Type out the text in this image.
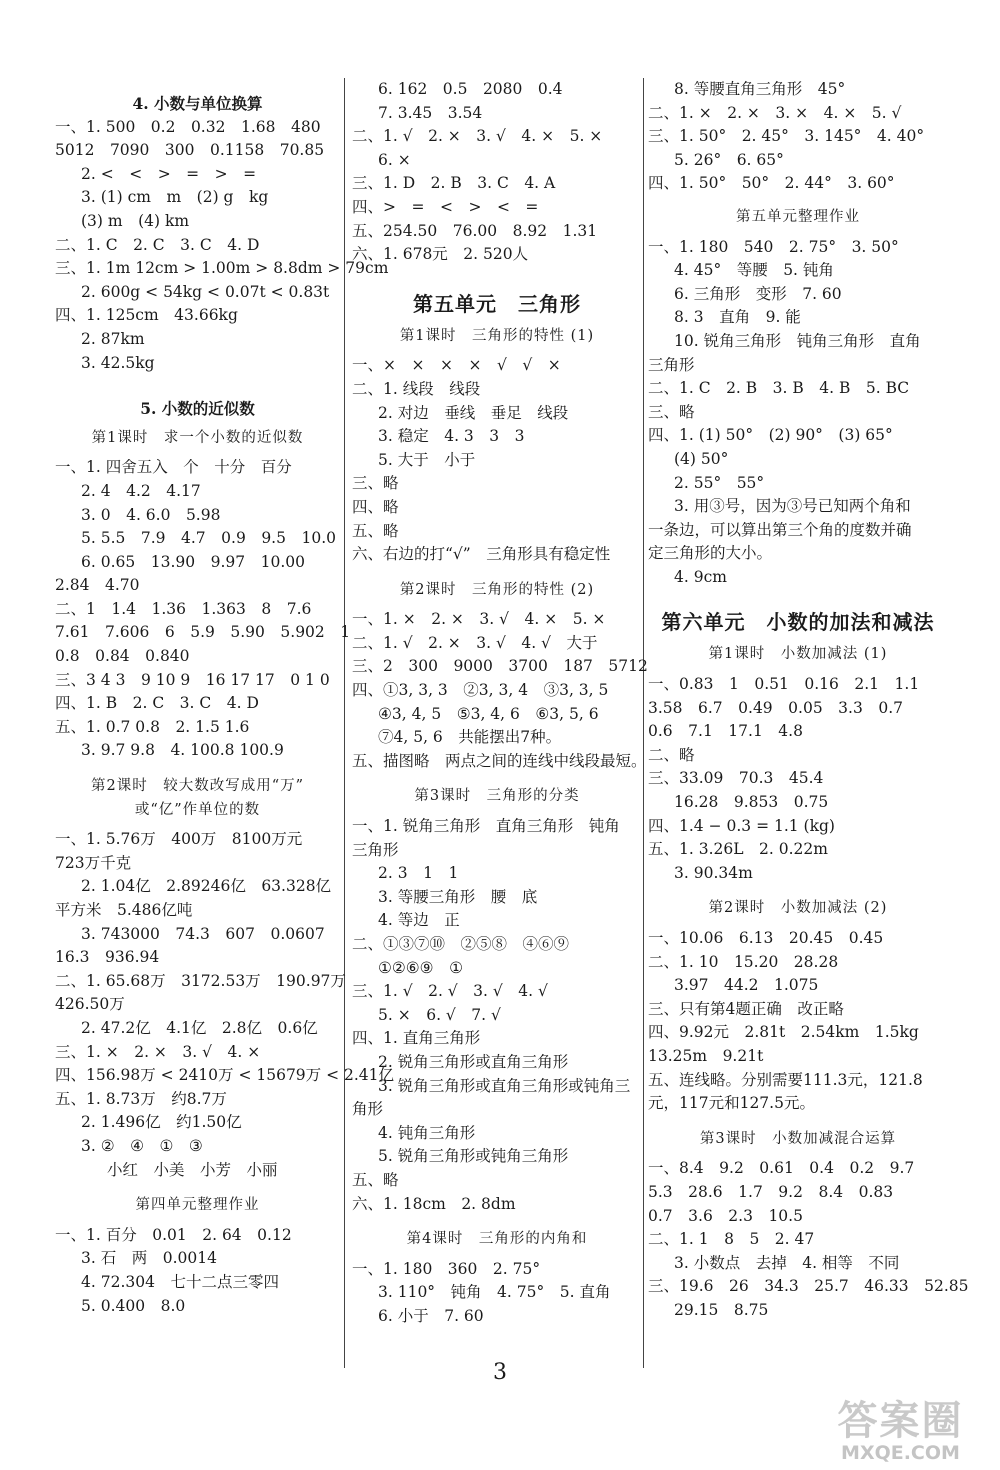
4. 小数与单位换算
一、1. 500　0.2　0.32　1.68　480
5012　7090　300　0.1158　70.85
2. <　<　>　=　>　=
3. (1) cm　m　(2) g　kg
(3) m　(4) km
二、1. C　2. C　3. C　4. D
三、1. 1m 12cm > 1.00m > 8.8dm > 79cm
2. 600g < 54kg < 0.07t < 0.83t
四、1. 125cm　43.66kg
2. 87km
3. 42.5kg
5. 小数的近似数
第1课时　求一个小数的近似数
一、1. 四舍五入　个　十分　百分
2. 4　4.2　4.17
3. 0　4. 6.0　5.98
5. 5.5　7.9　4.7　0.9　9.5　10.0
6. 0.65　13.90　9.97　10.00
2.84　4.70
二、1　1.4　1.36　1.363　8　7.6
7.61　7.606　6　5.9　5.90　5.902　1
0.8　0.84　0.840
三、3 4 3　9 10 9　16 17 17　0 1 0
四、1. B　2. C　3. C　4. D
五、1. 0.7 0.8　2. 1.5 1.6
3. 9.7 9.8　4. 100.8 100.9
第2课时　较大数改写成用“万”
或“亿”作单位的数
一、1. 5.76万　400万　8100万元
723万千克
2. 1.04亿　2.89246亿　63.328亿
平方米　5.486亿吨
3. 743000　74.3　607　0.0607
16.3　936.94
二、1. 65.68万　3172.53万　190.97万
426.50万
2. 47.2亿　4.1亿　2.8亿　0.6亿
三、1. ×　2. ×　3. √　4. ×
四、156.98万 < 2410万 < 15679万 < 2.41亿
五、1. 8.73万　约8.7万
2. 1.496亿　约1.50亿
3. ②　④　①　③
小红　小美　小芳　小丽
第四单元整理作业
一、1. 百分　0.01　2. 64　0.12
3. 石　两　0.0014
4. 72.304　七十二点三零四
5. 0.400　8.0
6. 162　0.5　2080　0.4
7. 3.45　3.54
二、1. √　2. ×　3. √　4. ×　5. ×
6. ×
三、1. D　2. B　3. C　4. A
四、>　=　<　>　<　=
五、254.50　76.00　8.92　1.31
六、1. 678元　2. 520人
第五单元　三角形
第1课时　三角形的特性 (1)
一、×　×　×　×　√　√　×
二、1. 线段　线段
2. 对边　垂线　垂足　线段
3. 稳定　4. 3　3　3
5. 大于　小于
三、略
四、略
五、略
六、右边的打“√”　三角形具有稳定性
第2课时　三角形的特性 (2)
一、1. ×　2. ×　3. √　4. ×　5. ×
二、1. √　2. ×　3. √　4. √　大于
三、2　300　9000　3700　187　5712
四、①3, 3, 3　②3, 3, 4　③3, 3, 5
④3, 4, 5　⑤3, 4, 6　⑥3, 5, 6
⑦4, 5, 6　共能摆出7种。
五、描图略　两点之间的连线中线段最短。
第3课时　三角形的分类
一、1. 锐角三角形　直角三角形　钝角
三角形
2. 3　1　1
3. 等腰三角形　腰　底
4. 等边　正
二、①③⑦⑩　②⑤⑧　④⑥⑨
①②⑥⑨　①
三、1. √　2. √　3. √　4. √
5. ×　6. √　7. √
四、1. 直角三角形
2. 锐角三角形或直角三角形
3. 锐角三角形或直角三角形或钝角三
角形
4. 钝角三角形
5. 锐角三角形或钝角三角形
五、略
六、1. 18cm　2. 8dm
第4课时　三角形的内角和
一、1. 180　360　2. 75°
3. 110°　钝角　4. 75°　5. 直角
6. 小于　7. 60
8. 等腰直角三角形　45°
二、1. ×　2. ×　3. ×　4. ×　5. √
三、1. 50°　2. 45°　3. 145°　4. 40°
5. 26°　6. 65°
四、1. 50°　50°　2. 44°　3. 60°
第五单元整理作业
一、1. 180　540　2. 75°　3. 50°
4. 45°　等腰　5. 钝角
6. 三角形　变形　7. 60
8. 3　直角　9. 能
10. 锐角三角形　钝角三角形　直角
三角形
二、1. C　2. B　3. B　4. B　5. BC
三、略
四、1. (1) 50°　(2) 90°　(3) 65°
(4) 50°
2. 55°　55°
3. 用③号，因为③号已知两个角和
一条边，可以算出第三个角的度数并确
定三角形的大小。
4. 9cm
第六单元　小数的加法和减法
第1课时　小数加减法 (1)
一、0.83　1　0.51　0.16　2.1　1.1
3.58　6.7　0.49　0.05　3.3　0.7
0.6　7.1　17.1　4.8
二、略
三、33.09　70.3　45.4
16.28　9.853　0.75
四、1.4 − 0.3 = 1.1 (kg)
五、1. 3.26L　2. 0.22m
3. 90.34m
第2课时　小数加减法 (2)
一、10.06　6.13　20.45　0.45
二、1. 10　15.20　28.28
3.97　44.2　1.075
三、只有第4题正确　改正略
四、9.92元　2.81t　2.54km　1.5kg
13.25m　9.21t
五、连线略。分别需要111.3元，121.8
元，117元和127.5元。
第3课时　小数加减混合运算
一、8.4　9.2　0.61　0.4　0.2　9.7
5.3　28.6　1.7　9.2　8.4　0.83
0.7　3.6　2.3　10.5
二、1. 1　8　5　2. 47
3. 小数点　去掉　4. 相等　不同
三、19.6　26　34.3　25.7　46.33　52.85
29.15　8.75
3
答案圈
MXQE.COM
